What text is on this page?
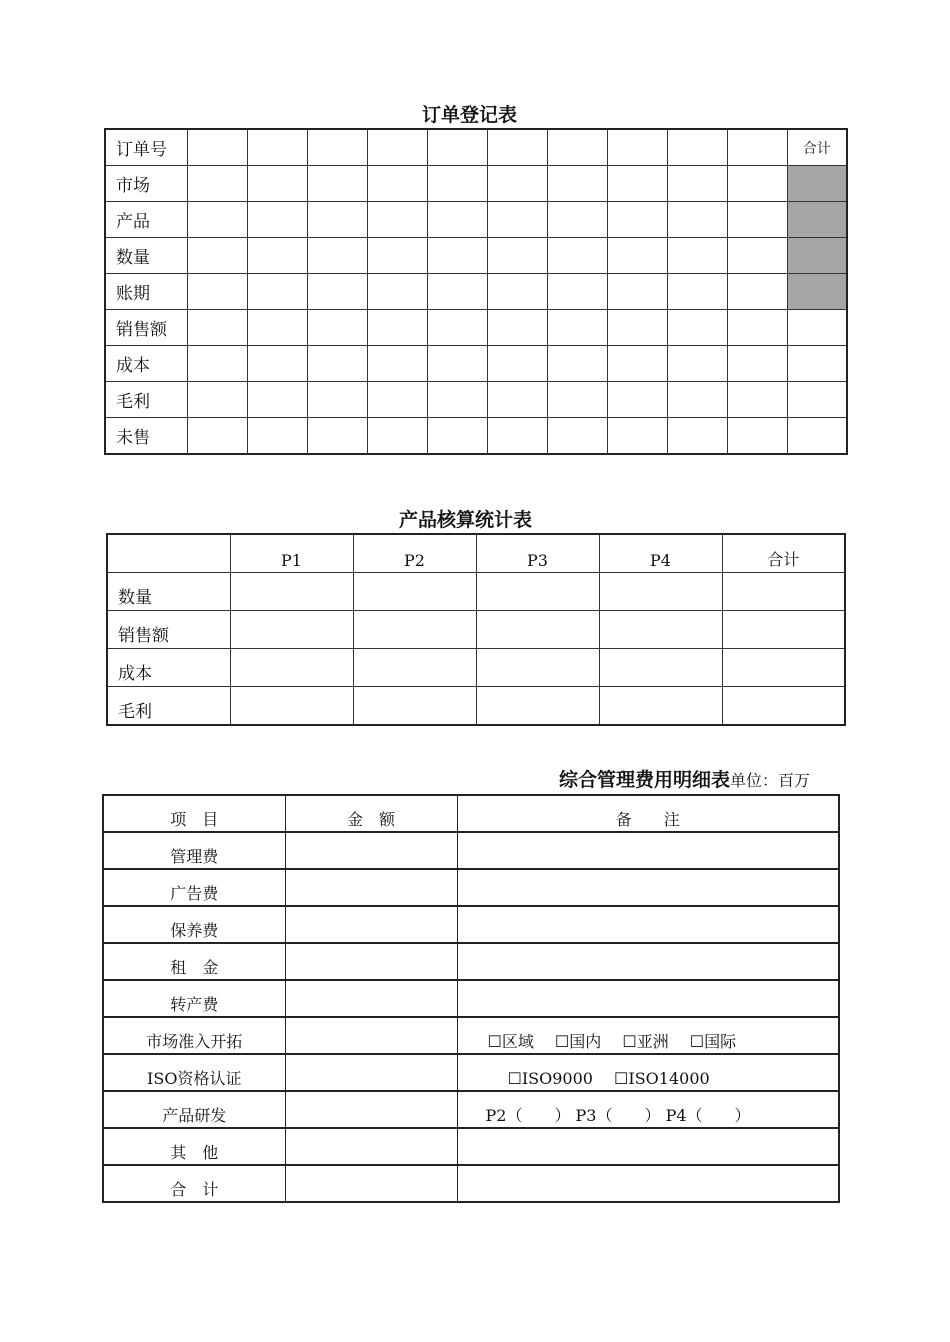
订单登记表
订单号											合计
市场											
产品											
数量											
账期											
销售额											
成本											
毛利											
未售											
产品核算统计表
	P1	P2	P3	P4	合计
数量					
销售额					
成本					
毛利					
综合管理费用明细表单位：百万
项　目	金　额	备　　注
管理费		
广告费		
保养费		
租　金		
转产费		
市场准入开拓		☐区域　 ☐国内　 ☐亚洲　 ☐国际
ISO资格认证		☐ISO9000　 ☐ISO14000
产品研发		P2（　　） P3（　　） P4（　　）
其　他		
合　计		
